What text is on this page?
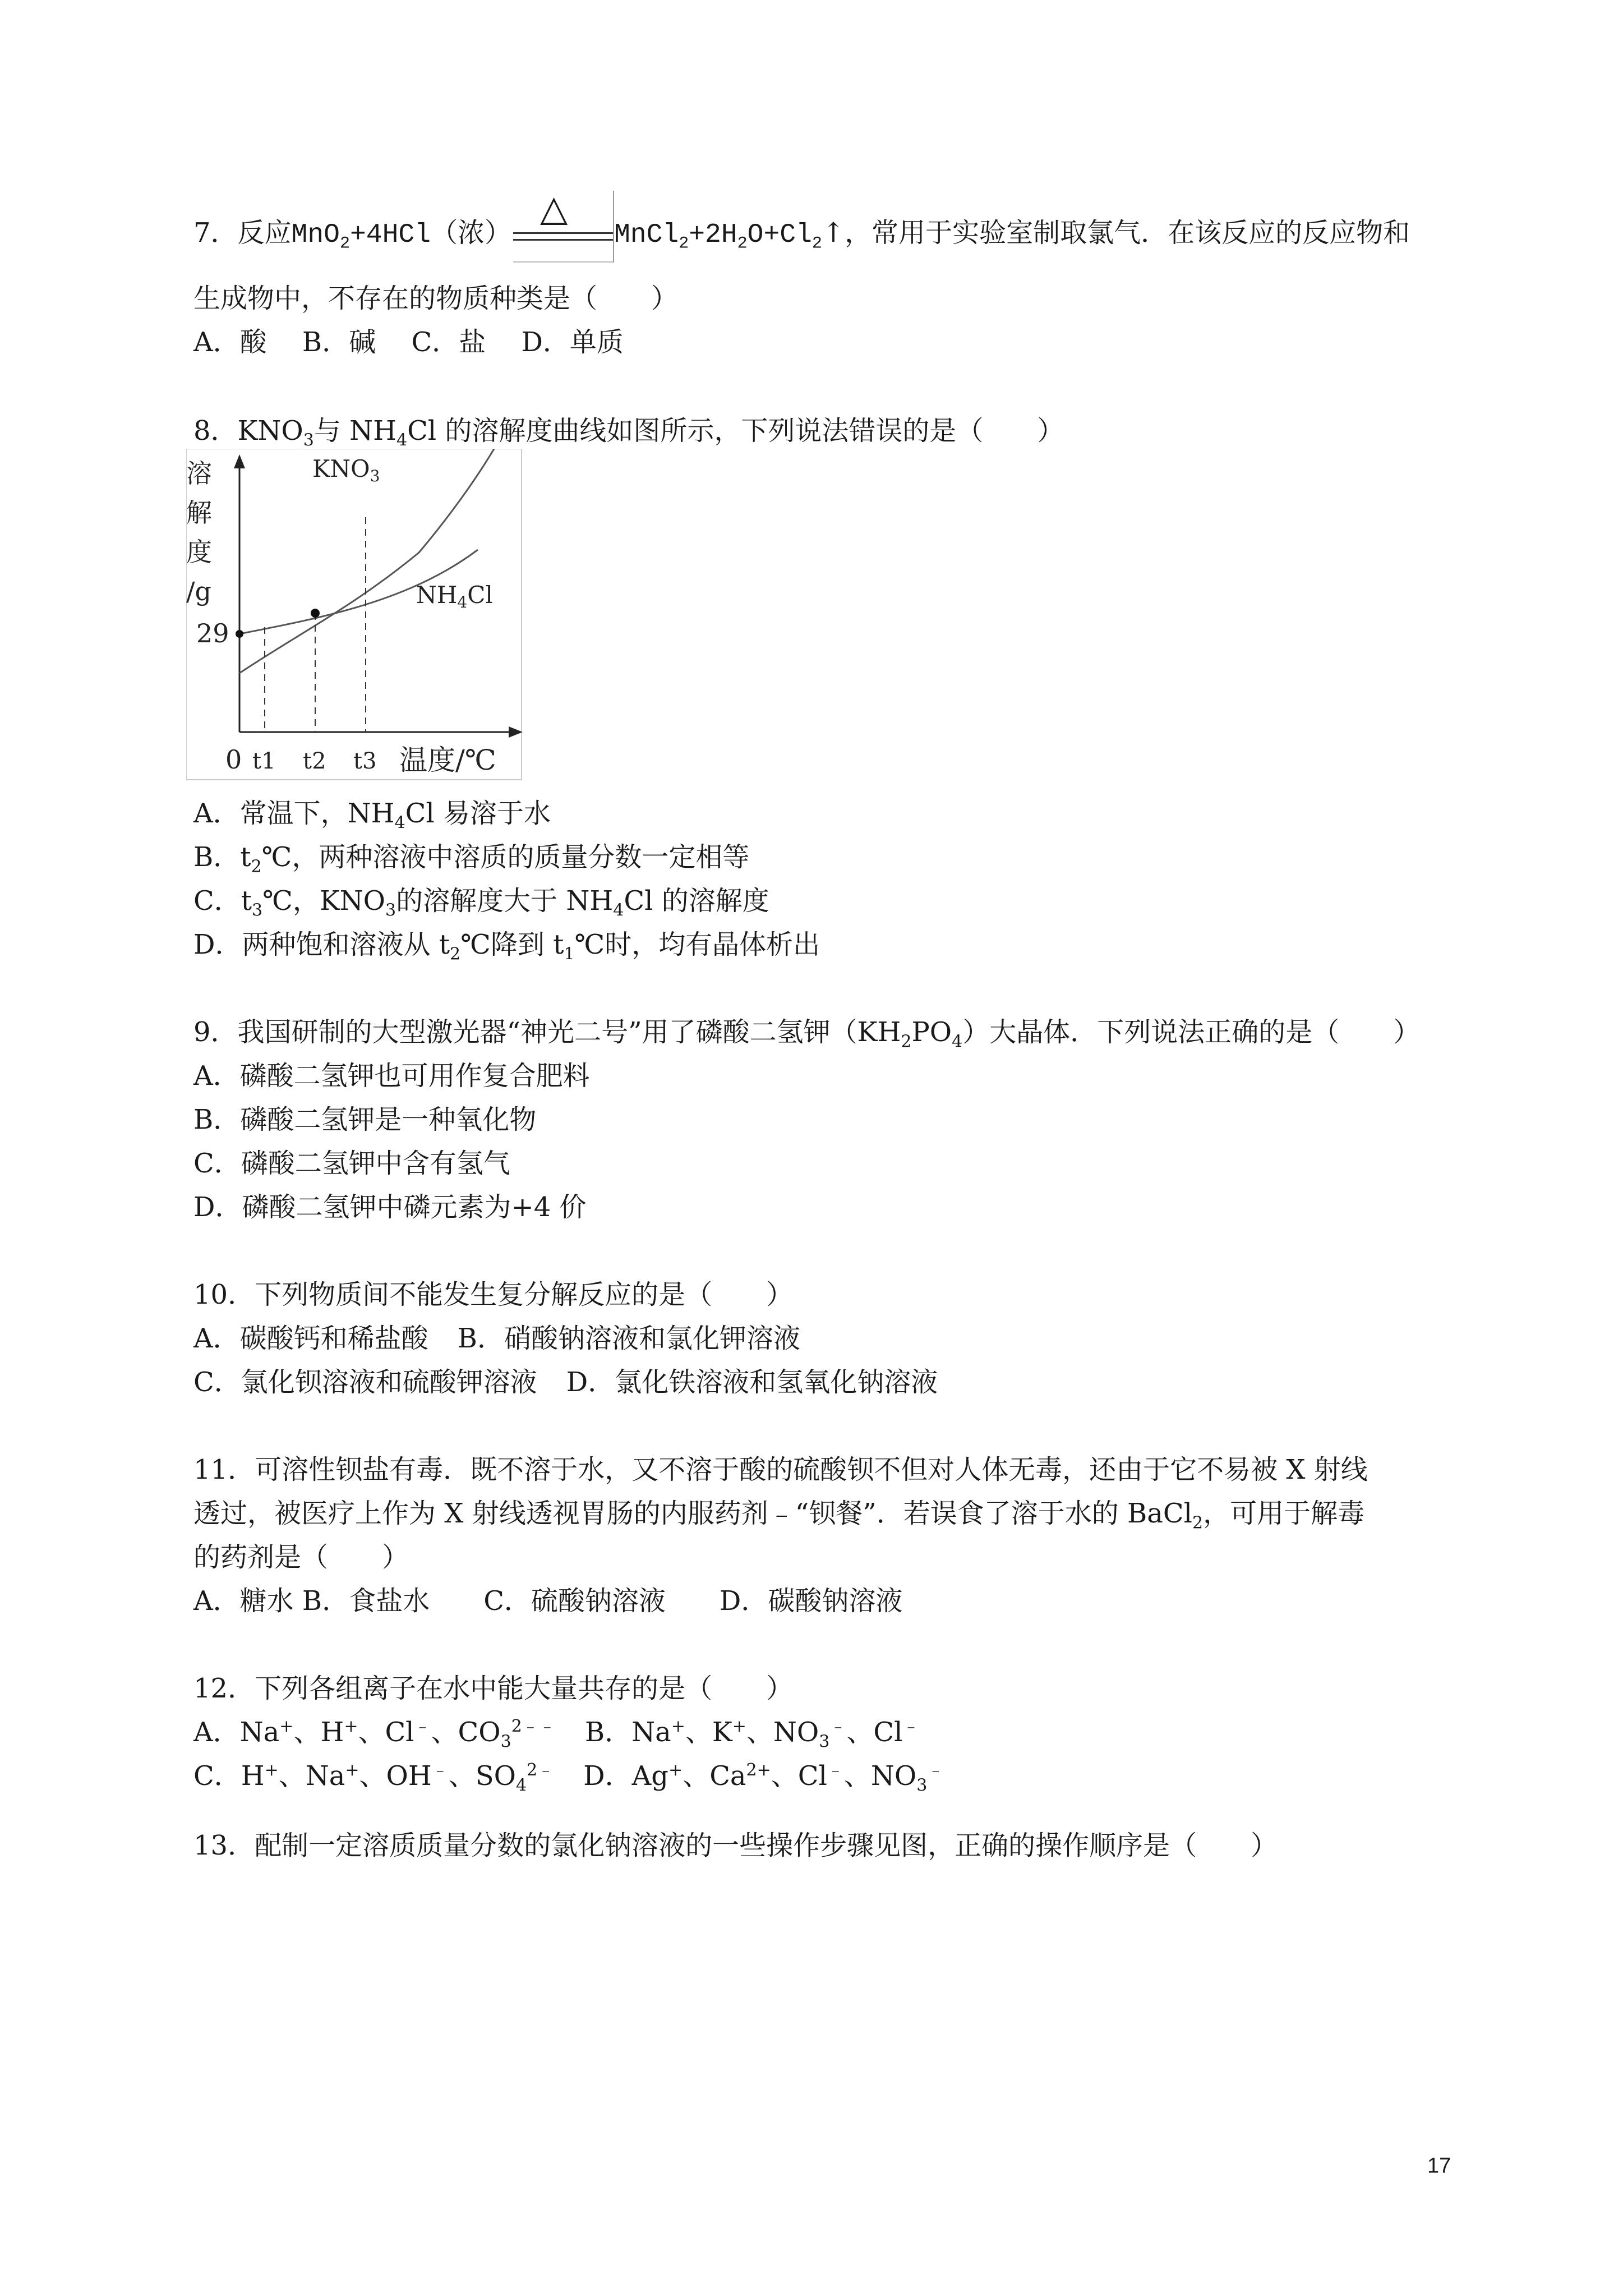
7．反应MnO$_2$+4HCl（浓）
△
$MnCl_2+2H_2O+Cl_2↑$，常用于实验室制取氯气．在该反应的反应物和
生成物中，不存在的物质种类是（　　）
A．酸　 B．碱　 C．盐　 D．单质
8．$KNO_3$与 $NH_4Cl$ 的溶解度曲线如图所示，下列说法错误的是（　　）
溶
解
度
/g
29
0 t1 t2 t3 温度/℃
KNO3
NH4Cl
A．常温下，$NH_4Cl$ 易溶于水
B．$t_2℃$，两种溶液中溶质的质量分数一定相等
C．$t_3℃$，$KNO_3$的溶解度大于 $NH_4Cl$ 的溶解度
D．两种饱和溶液从 $t_2℃$降到 $t_1℃$时，均有晶体析出
9．我国研制的大型激光器“神光二号”用了磷酸二氢钾$(KH_2PO_4)$大晶体．下列说法正确的是（　　）
A．磷酸二氢钾也可用作复合肥料
B．磷酸二氢钾是一种氧化物
C．磷酸二氢钾中含有氢气
D．磷酸二氢钾中磷元素为+4 价
10．下列物质间不能发生复分解反应的是（　　）
A．碳酸钙和稀盐酸 B．硝酸钠溶液和氯化钾溶液
C．氯化钡溶液和硫酸钾溶液 D．氯化铁溶液和氢氧化钠溶液
11．可溶性钡盐有毒．既不溶于水，又不溶于酸的硫酸钡不但对人体无毒，还由于它不易被 X 射线
透过，被医疗上作为 X 射线透视胃肠的内服药剂﹣“钡餐”．若误食了溶于水的 BaCl$_2$，可用于解毒
的药剂是（　　）
A．糖水 B．食盐水　　C．硫酸钠溶液　　D．碳酸钠溶液
12．下列各组离子在水中能大量共存的是（　　）
A．Na+、H+、Cl﹣、$CO_3^{2﹣﹣}$ B．Na+、K+、$NO_3^﹣$、Cl﹣
C．H+、Na+、OH﹣、$SO_4^{2﹣}$ D．Ag+、$Ca^{2+}$、Cl﹣、$NO_3^﹣$
13．配制一定溶质质量分数的氯化钠溶液的一些操作步骤见图，正确的操作顺序是（　　）
17
